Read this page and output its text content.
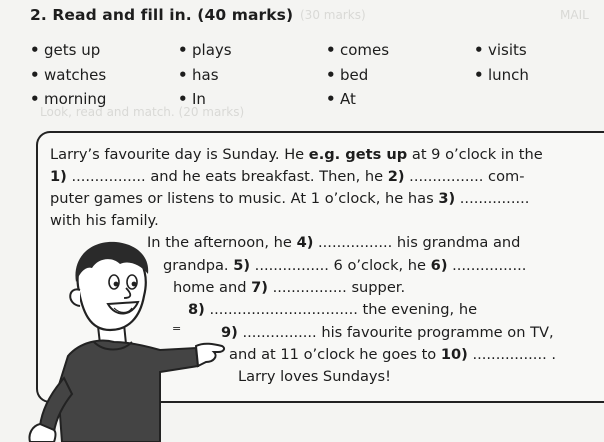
(30 marks)	MAIL
Look, read and match. (20 marks)
2. Read and fill in. (40 marks)
• gets up
• watches
• morning
• plays
• has
• In
• comes
• bed
• At
• visits
• lunch
Larry’s favourite day is Sunday. He e.g. gets up at 9 o’clock in the
1) ................ and he eats breakfast. Then, he 2) ................ com-
puter games or listens to music. At 1 o’clock, he has 3) ...............
with his family.
In the afternoon, he 4) ................ his grandma and
grandpa. 5) ................ 6 o’clock, he 6) ................
home and 7) ................ supper.
8) ................................ the evening, he
9) ................ his favourite programme on TV,
and at 11 o’clock he goes to 10) ................ .
Larry loves Sundays!
=
